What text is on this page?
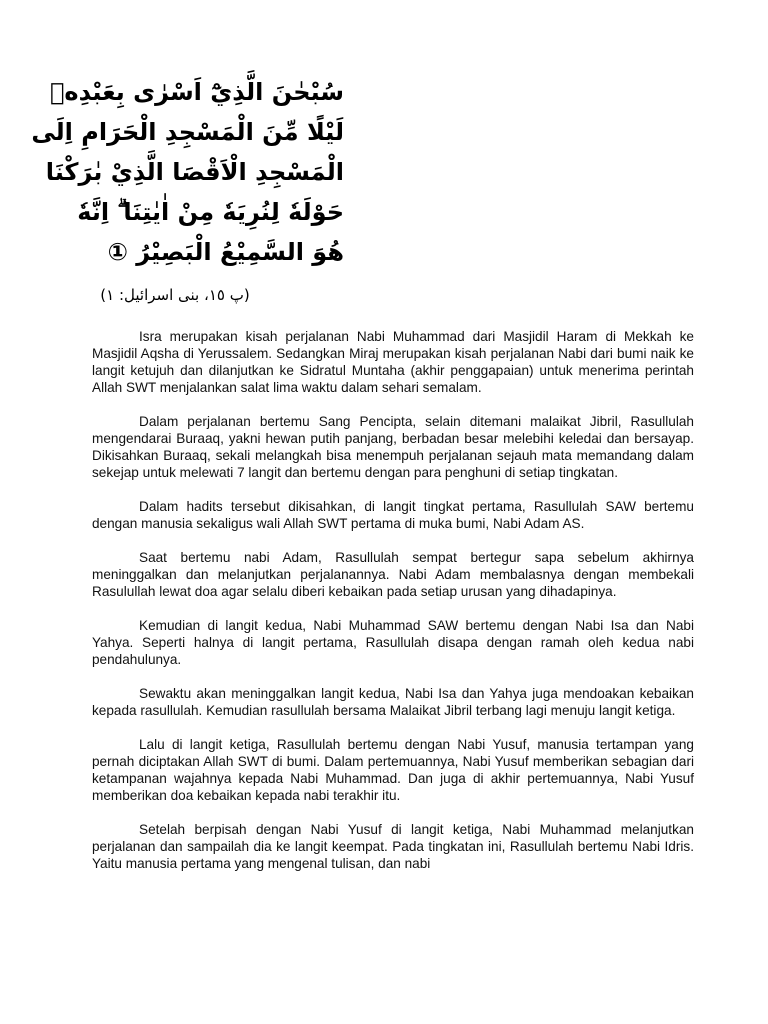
سُبْحٰنَ الَّذِيْٓ اَسْرٰى بِعَبْدِهٖ
لَيْلًا مِّنَ الْمَسْجِدِ الْحَرَامِ اِلَى
الْمَسْجِدِ الْاَقْصَا الَّذِيْ بٰرَكْنَا
حَوْلَهٗ لِنُرِيَهٗ مِنْ اٰيٰتِنَا ۗ اِنَّهٗ
هُوَ السَّمِيْعُ الْبَصِيْرُ ①
(پ ١٥، بنی اسرائیل: ١)

Isra merupakan kisah perjalanan Nabi Muhammad dari Masjidil Haram di Mekkah ke Masjidil Aqsha di Yerussalem. Sedangkan Miraj merupakan kisah perjalanan Nabi dari bumi naik ke langit ketujuh dan dilanjutkan ke Sidratul Muntaha (akhir penggapaian) untuk menerima perintah Allah SWT menjalankan salat lima waktu dalam sehari semalam.

Dalam perjalanan bertemu Sang Pencipta, selain ditemani malaikat Jibril, Rasullulah mengendarai Buraaq, yakni hewan putih panjang, berbadan besar melebihi keledai dan bersayap. Dikisahkan Buraaq, sekali melangkah bisa menempuh perjalanan sejauh mata memandang dalam sekejap untuk melewati 7 langit dan bertemu dengan para penghuni di setiap tingkatan.

Dalam hadits tersebut dikisahkan, di langit tingkat pertama, Rasullulah SAW bertemu dengan manusia sekaligus wali Allah SWT pertama di muka bumi, Nabi Adam AS.

Saat bertemu nabi Adam, Rasullulah sempat bertegur sapa sebelum akhirnya meninggalkan dan melanjutkan perjalanannya. Nabi Adam membalasnya dengan membekali Rasulullah lewat doa agar selalu diberi kebaikan pada setiap urusan yang dihadapinya.

Kemudian di langit kedua, Nabi Muhammad SAW bertemu dengan Nabi Isa dan Nabi Yahya. Seperti halnya di langit pertama, Rasullulah disapa dengan ramah oleh kedua nabi pendahulunya.

Sewaktu akan meninggalkan langit kedua, Nabi Isa dan Yahya juga mendoakan kebaikan kepada rasullulah. Kemudian rasullulah bersama Malaikat Jibril terbang lagi menuju langit ketiga.

Lalu di langit ketiga, Rasullulah bertemu dengan Nabi Yusuf, manusia tertampan yang pernah diciptakan Allah SWT di bumi. Dalam pertemuannya, Nabi Yusuf memberikan sebagian dari ketampanan wajahnya kepada Nabi Muhammad. Dan juga di akhir pertemuannya, Nabi Yusuf memberikan doa kebaikan kepada nabi terakhir itu.

Setelah berpisah dengan Nabi Yusuf di langit ketiga, Nabi Muhammad melanjutkan perjalanan dan sampailah dia ke langit keempat. Pada tingkatan ini, Rasullulah bertemu Nabi Idris. Yaitu manusia pertama yang mengenal tulisan, dan nabi
